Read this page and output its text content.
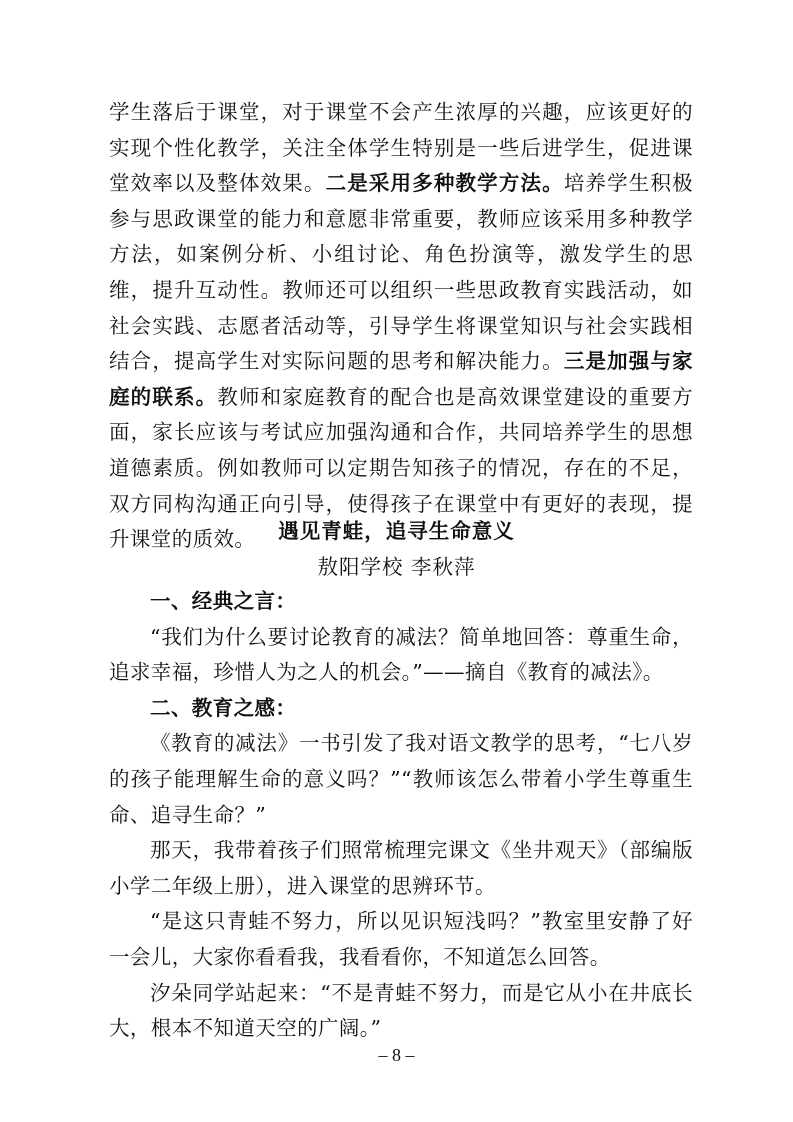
学生落后于课堂，对于课堂不会产生浓厚的兴趣，应该更好的实现个性化教学，关注全体学生特别是一些后进学生，促进课堂效率以及整体效果。二是采用多种教学方法。培养学生积极参与思政课堂的能力和意愿非常重要，教师应该采用多种教学方法，如案例分析、小组讨论、角色扮演等，激发学生的思维，提升互动性。教师还可以组织一些思政教育实践活动，如社会实践、志愿者活动等，引导学生将课堂知识与社会实践相结合，提高学生对实际问题的思考和解决能力。三是加强与家庭的联系。教师和家庭教育的配合也是高效课堂建设的重要方面，家长应该与考试应加强沟通和合作，共同培养学生的思想道德素质。例如教师可以定期告知孩子的情况，存在的不足，双方同构沟通正向引导，使得孩子在课堂中有更好的表现，提升课堂的质效。	遇见青蛙，追寻生命意义
敖阳学校 李秋萍

一、经典之言：

“我们为什么要讨论教育的减法？简单地回答：尊重生命，追求幸福，珍惜人为之人的机会。”——摘自《教育的减法》。

二、教育之感：

《教育的减法》一书引发了我对语文教学的思考，“七八岁的孩子能理解生命的意义吗？”“教师该怎么带着小学生尊重生命、追寻生命？”

那天，我带着孩子们照常梳理完课文《坐井观天》（部编版小学二年级上册），进入课堂的思辨环节。

“是这只青蛙不努力，所以见识短浅吗？”教室里安静了好一会儿，大家你看看我，我看看你，不知道怎么回答。

汐朵同学站起来：“不是青蛙不努力，而是它从小在井底长大，根本不知道天空的广阔。”

– 8 –
